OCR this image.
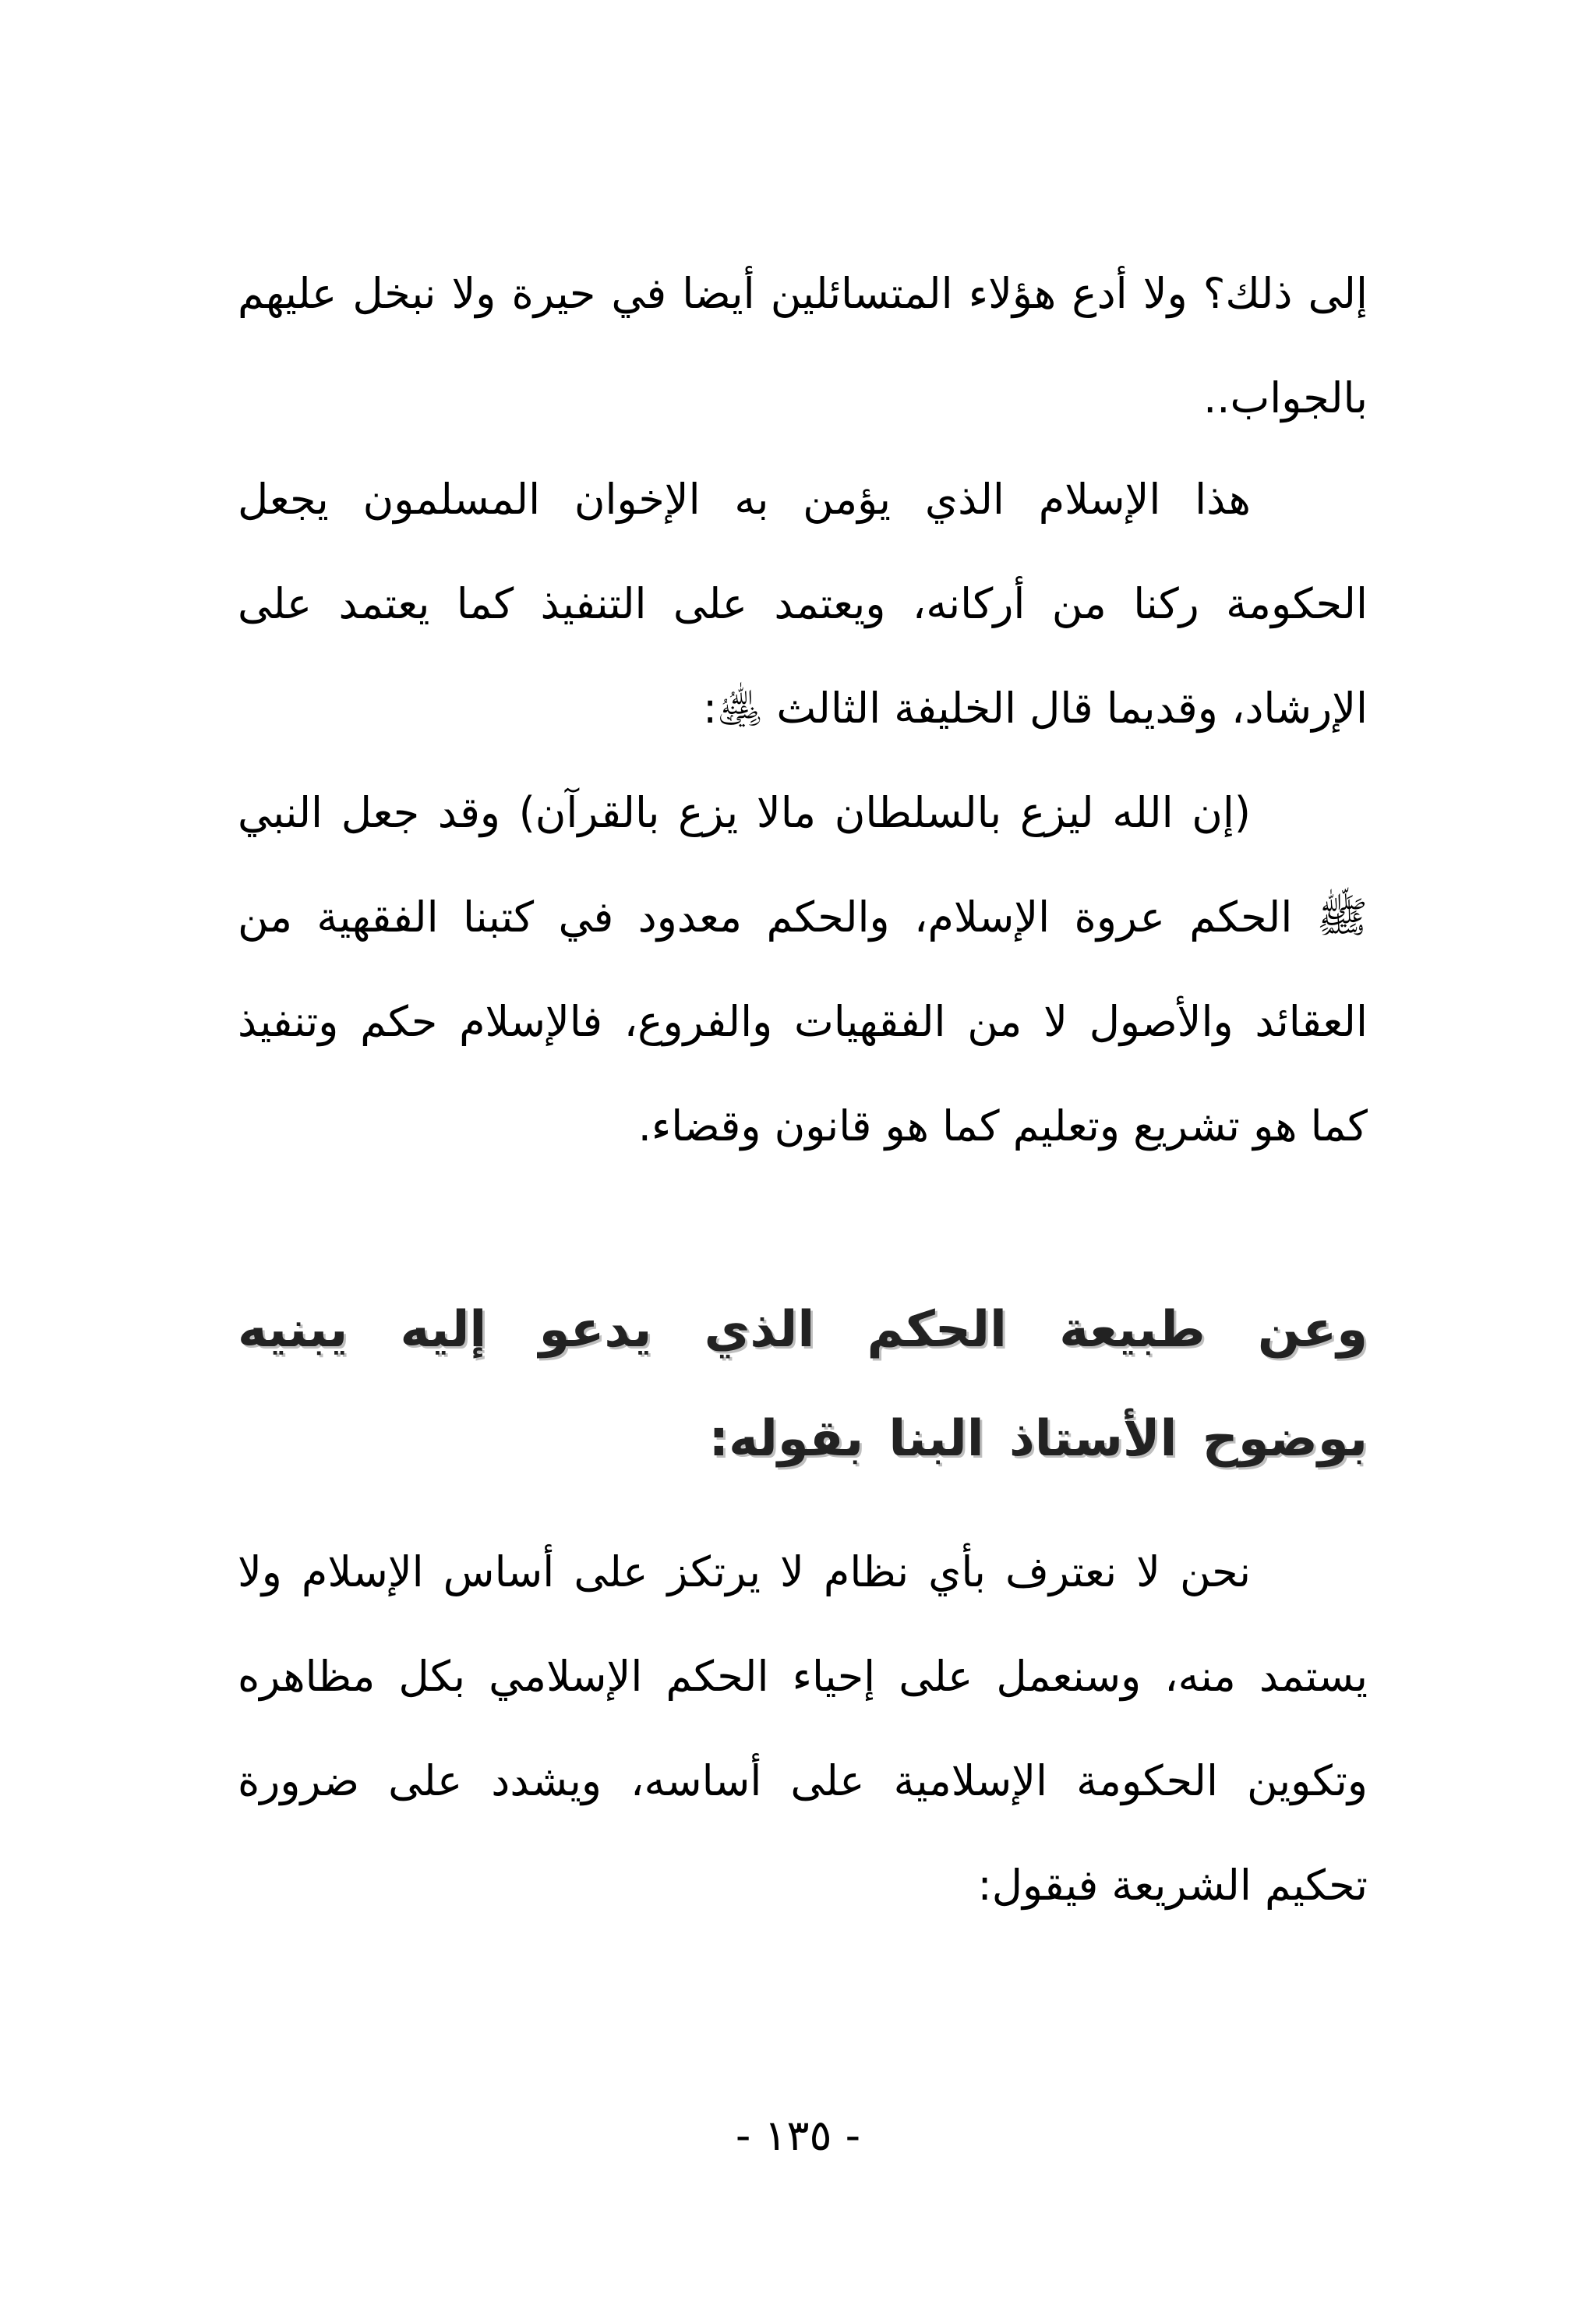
إلى ذلك؟ ولا أدع هؤلاء المتسائلين أيضا في حيرة ولا نبخل عليهم بالجواب..

هذا الإسلام الذي يؤمن به الإخوان المسلمون يجعل الحكومة ركنا من أركانه، ويعتمد على التنفيذ كما يعتمد على الإرشاد، وقديما قال الخليفة الثالث ﵁:

(إن الله ليزع بالسلطان مالا يزع بالقرآن) وقد جعل النبي ﷺ الحكم عروة الإسلام، والحكم معدود في كتبنا الفقهية من العقائد والأصول لا من الفقهيات والفروع، فالإسلام حكم وتنفيذ كما هو تشريع وتعليم كما هو قانون وقضاء.

وعن طبيعة الحكم الذي يدعو إليه يبنيه بوضوح الأستاذ البنا بقوله:

نحن لا نعترف بأي نظام لا يرتكز على أساس الإسلام ولا يستمد منه، وسنعمل على إحياء الحكم الإسلامي بكل مظاهره وتكوين الحكومة الإسلامية على أساسه، ويشدد على ضرورة تحكيم الشريعة فيقول:

- ١٣٥ -
